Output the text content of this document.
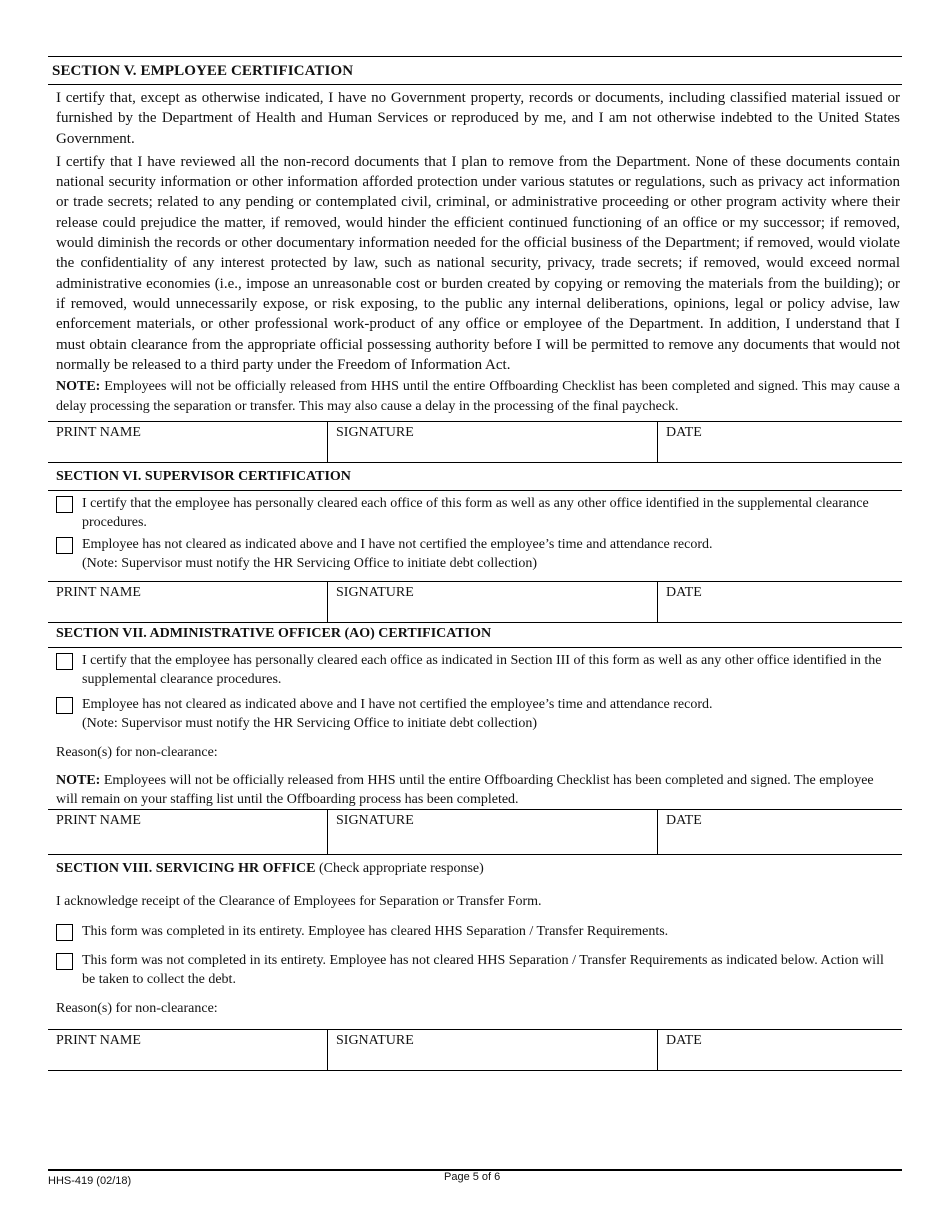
SECTION V. EMPLOYEE CERTIFICATION

I certify that, except as otherwise indicated, I have no Government property, records or documents, including classified material issued or furnished by the Department of Health and Human Services or reproduced by me, and I am not otherwise indebted to the United States Government.

I certify that I have reviewed all the non-record documents that I plan to remove from the Department. None of these documents contain national security information or other information afforded protection under various statutes or regulations, such as privacy act information or trade secrets; related to any pending or contemplated civil, criminal, or administrative proceeding or other program activity where their release could prejudice the matter, if removed, would hinder the efficient continued functioning of an office or my successor; if removed, would diminish the records or other documentary information needed for the official business of the Department; if removed, would violate the confidentiality of any interest protected by law, such as national security, privacy, trade secrets; if removed, would exceed normal administrative economies (i.e., impose an unreasonable cost or burden created by copying or removing the materials from the building); or if removed, would unnecessarily expose, or risk exposing, to the public any internal deliberations, opinions, legal or policy advise, law enforcement materials, or other professional work-product of any office or employee of the Department. In addition, I understand that I must obtain clearance from the appropriate official possessing authority before I will be permitted to remove any documents that would not normally be released to a third party under the Freedom of Information Act.

NOTE: Employees will not be officially released from HHS until the entire Offboarding Checklist has been completed and signed. This may cause a delay processing the separation or transfer. This may also cause a delay in the processing of the final paycheck.

PRINT NAME	SIGNATURE	DATE
SECTION VI. SUPERVISOR CERTIFICATION
I certify that the employee has personally cleared each office of this form as well as any other office identified in the supplemental clearance procedures.
Employee has not cleared as indicated above and I have not certified the employee’s time and attendance record.
(Note: Supervisor must notify the HR Servicing Office to initiate debt collection)
PRINT NAME	SIGNATURE	DATE
SECTION VII. ADMINISTRATIVE OFFICER (AO) CERTIFICATION
I certify that the employee has personally cleared each office as indicated in Section III of this form as well as any other office identified in the supplemental clearance procedures.
Employee has not cleared as indicated above and I have not certified the employee’s time and attendance record.
(Note: Supervisor must notify the HR Servicing Office to initiate debt collection)
Reason(s) for non-clearance:
NOTE: Employees will not be officially released from HHS until the entire Offboarding Checklist has been completed and signed. The employee will remain on your staffing list until the Offboarding process has been completed.
PRINT NAME	SIGNATURE	DATE
SECTION VIII. SERVICING HR OFFICE (Check appropriate response)
I acknowledge receipt of the Clearance of Employees for Separation or Transfer Form.
This form was completed in its entirety. Employee has cleared HHS Separation / Transfer Requirements.
This form was not completed in its entirety. Employee has not cleared HHS Separation / Transfer Requirements as indicated below. Action will be taken to collect the debt.
Reason(s) for non-clearance:
PRINT NAME	SIGNATURE	DATE
HHS-419 (02/18)	Page 5 of 6
